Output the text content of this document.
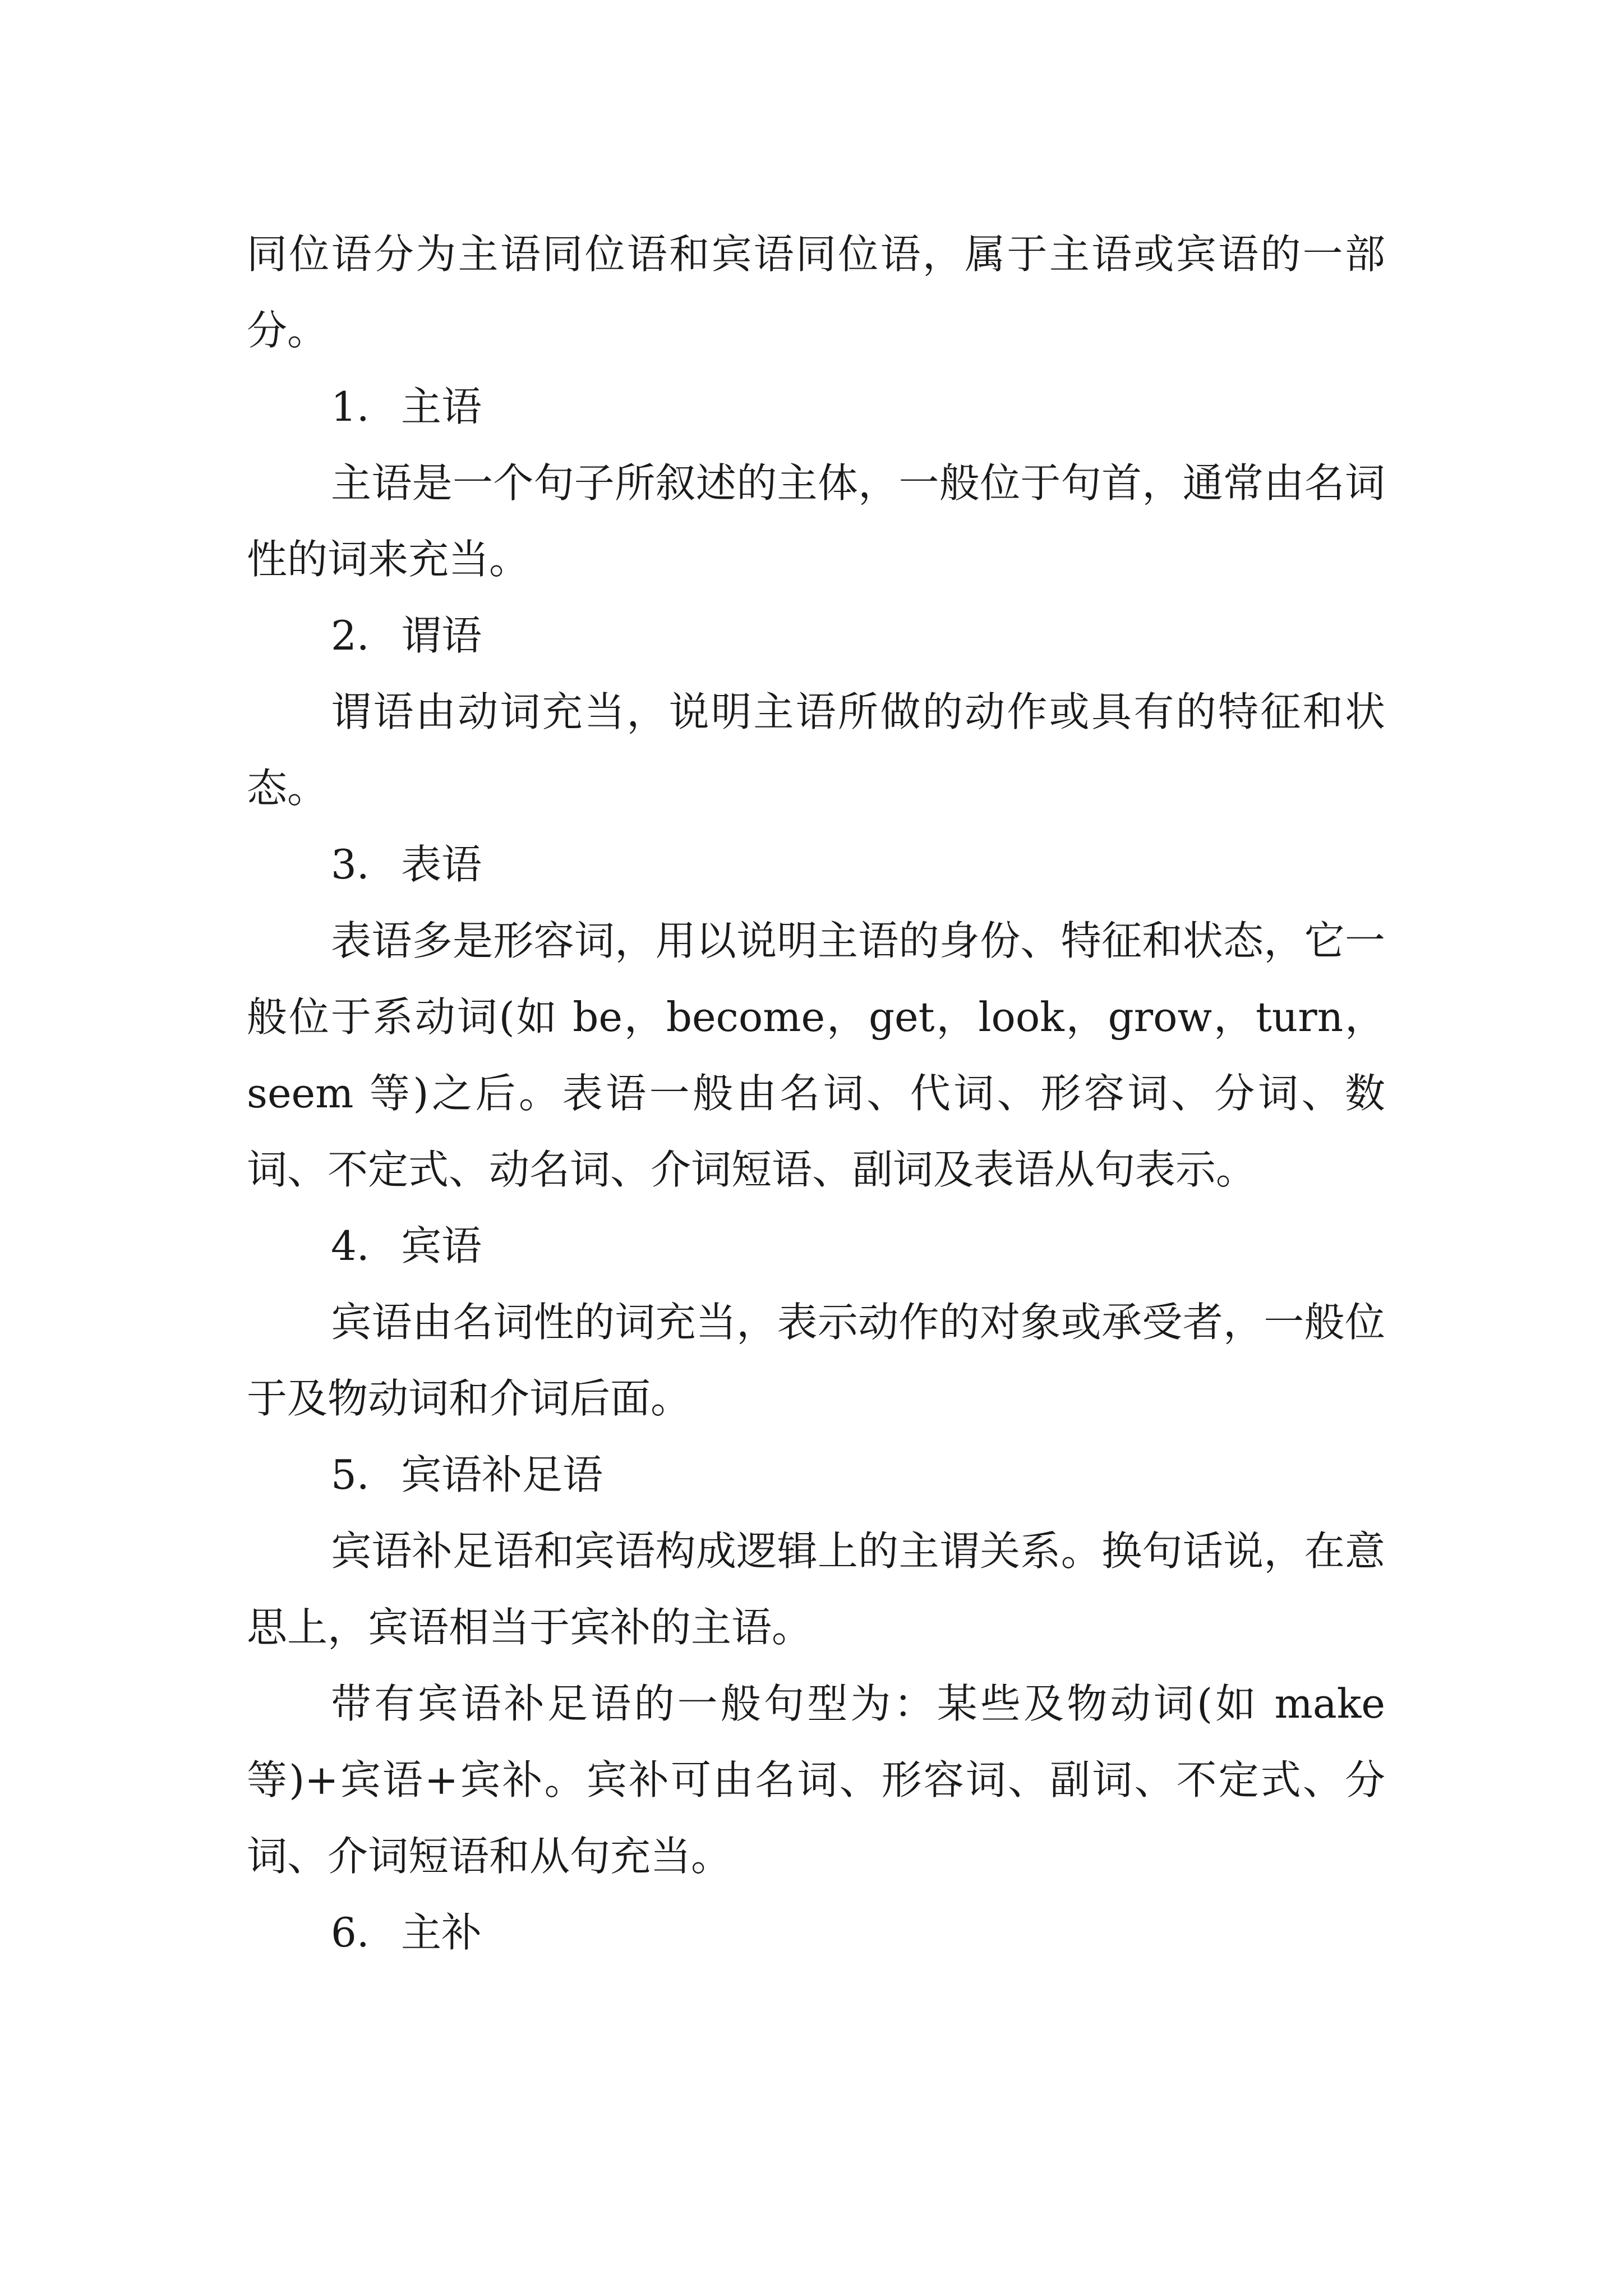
同位语分为主语同位语和宾语同位语，属于主语或宾语的一部分。

1. 主语

主语是一个句子所叙述的主体，一般位于句首，通常由名词性的词来充当。

2. 谓语

谓语由动词充当，说明主语所做的动作或具有的特征和状态。

3. 表语

表语多是形容词，用以说明主语的身份、特征和状态，它一般位于系动词(如 be，become，get，look，grow，turn，seem 等)之后。表语一般由名词、代词、形容词、分词、数词、不定式、动名词、介词短语、副词及表语从句表示。

4. 宾语

宾语由名词性的词充当，表示动作的对象或承受者，一般位于及物动词和介词后面。

5. 宾语补足语

宾语补足语和宾语构成逻辑上的主谓关系。换句话说，在意思上，宾语相当于宾补的主语。

带有宾语补足语的一般句型为：某些及物动词(如 make 等)+宾语+宾补。宾补可由名词、形容词、副词、不定式、分词、介词短语和从句充当。

6. 主补
